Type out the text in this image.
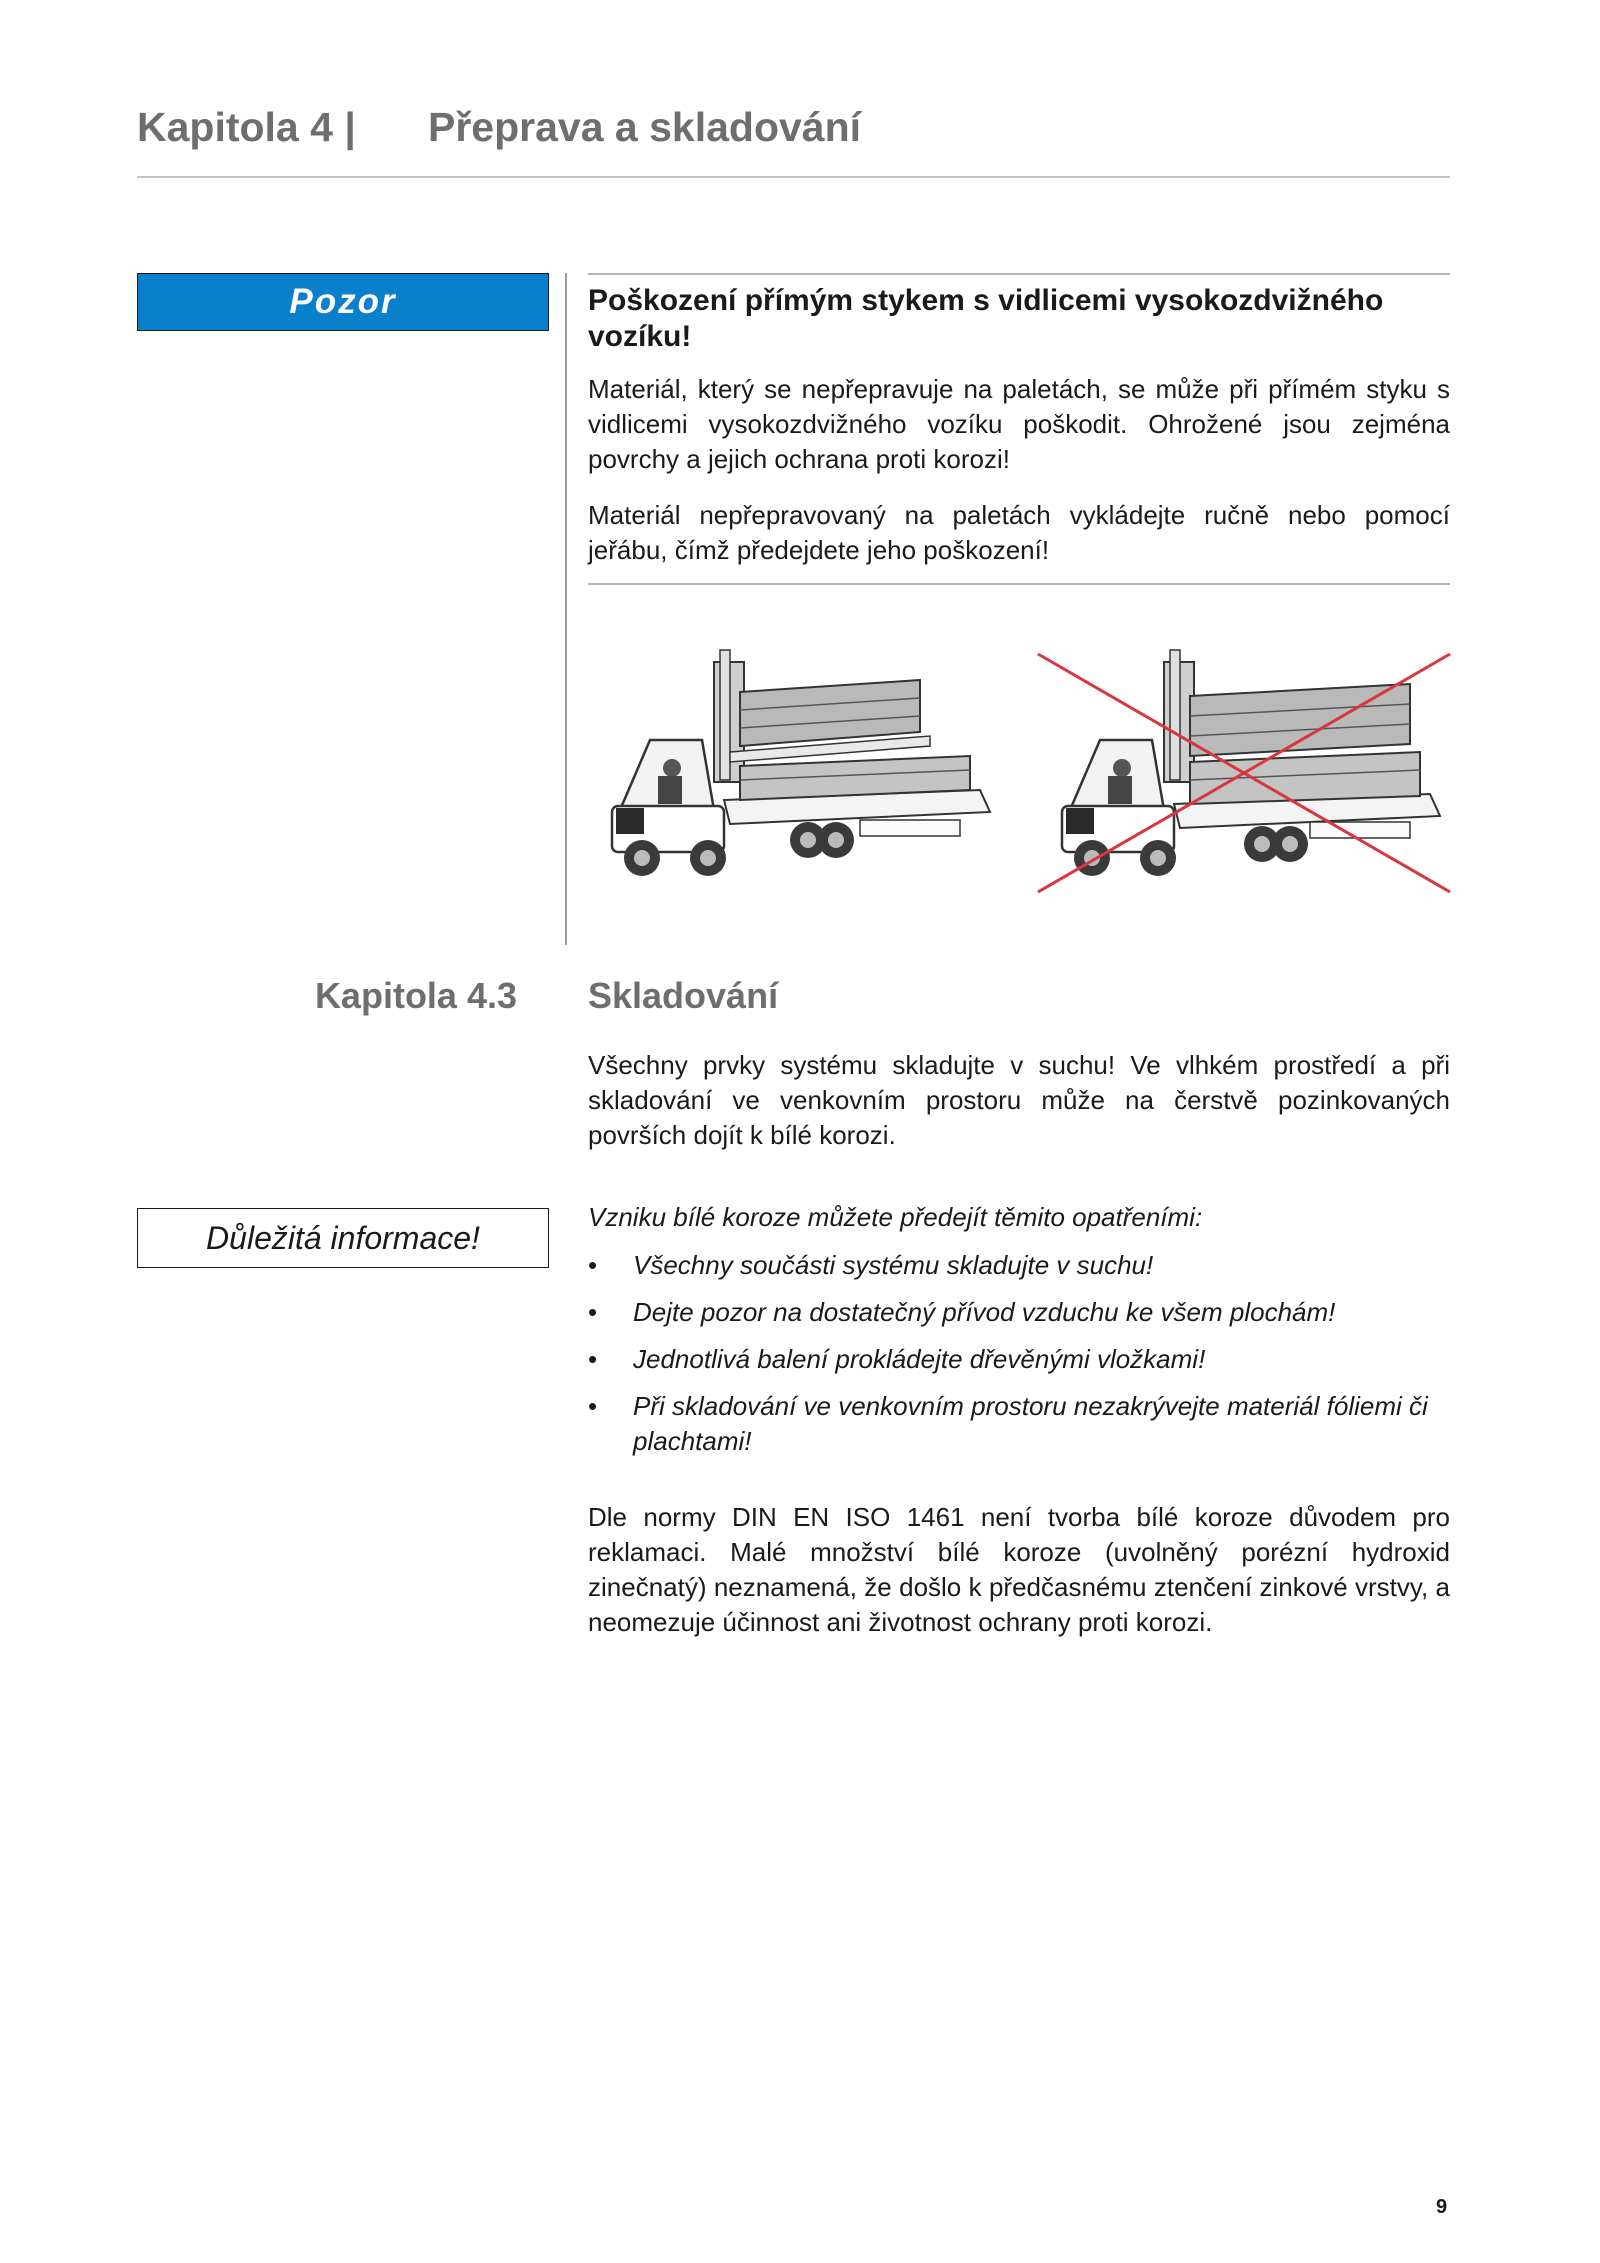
Kapitola 4 | Přeprava a skladování
Pozor	Poškození přímým stykem s vidlicemi vysokozdvižného vozíku!
Materiál, který se nepřepravuje na paletách, se může při přímém styku s vidlicemi vysokozdvižného vozíku poškodit. Ohrožené jsou zejména povrchy a jejich ochrana proti korozi!
Materiál nepřepravovaný na paletách vykládejte ručně nebo pomocí jeřábu, čímž předejdete jeho poškození!
Kapitola 4.3 Skladování
Všechny prvky systému skladujte v suchu! Ve vlhkém prostředí a při skladování ve venkovním prostoru může na čerstvě pozinkovaných površích dojít k bílé korozi.
Důležitá informace!
Vzniku bílé koroze můžete předejít těmito opatřeními:
• Všechny součásti systému skladujte v suchu!
• Dejte pozor na dostatečný přívod vzduchu ke všem plochám!
• Jednotlivá balení prokládejte dřevěnými vložkami!
• Při skladování ve venkovním prostoru nezakrývejte materiál fóliemi či plachtami!
Dle normy DIN EN ISO 1461 není tvorba bílé koroze důvodem pro reklamaci. Malé množství bílé koroze (uvolněný porézní hydroxid zinečnatý) neznamená, že došlo k předčasnému ztenčení zinkové vrstvy, a neomezuje účinnost ani životnost ochrany proti korozi.
9
